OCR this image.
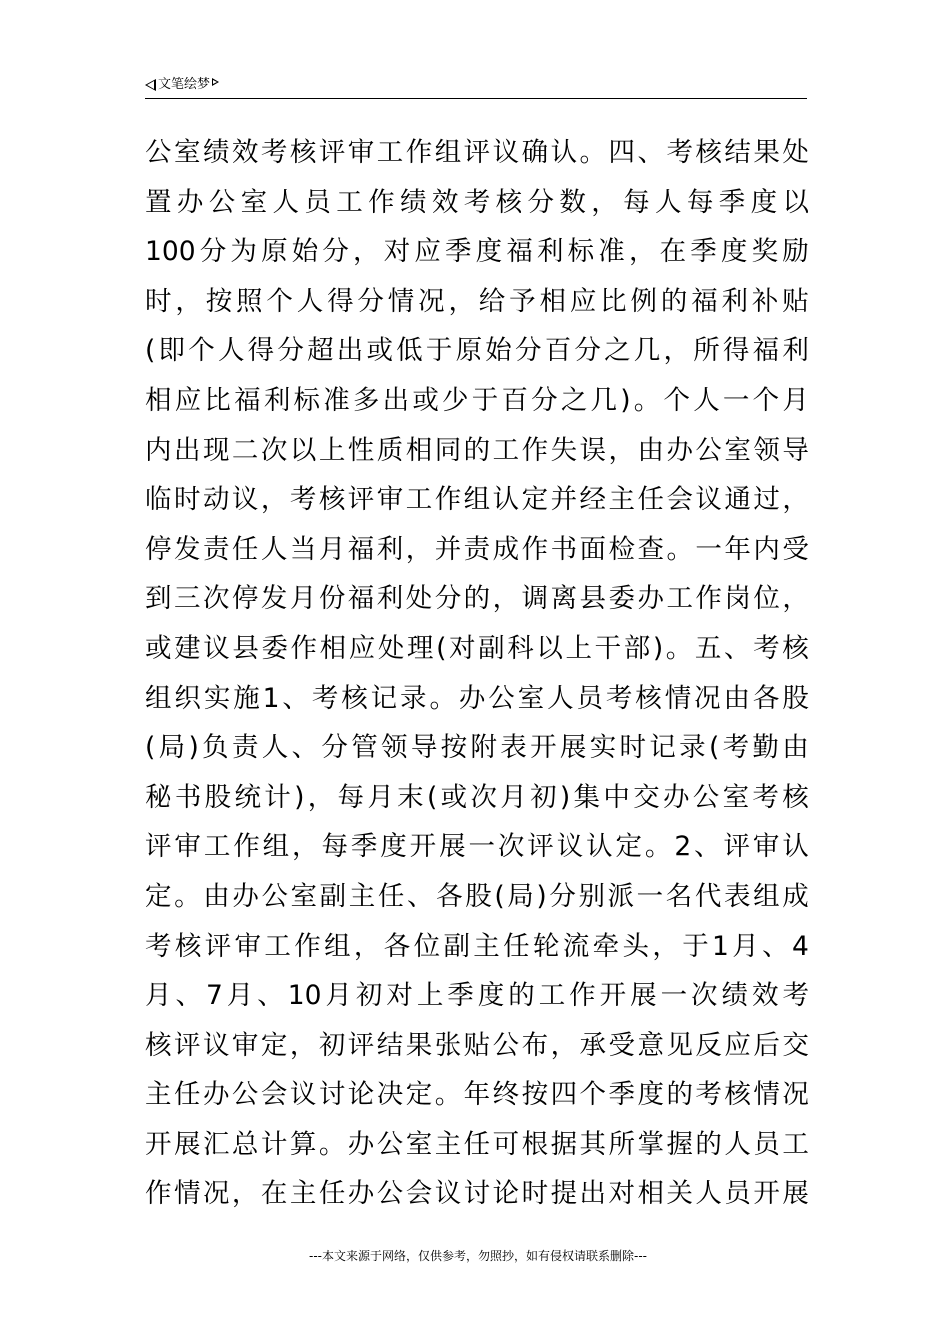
文笔绘梦
公 室 绩 效 考 核 评 审 工 作 组 评 议 确 认 。 四 、 考 核 结 果 处
置 办 公 室 人 员 工 作 绩 效 考 核 分 数 ， 每 人 每 季 度 以
100 分 为 原 始 分 ， 对 应 季 度 福 利 标 准 ， 在 季 度 奖 励
时 ， 按 照 个 人 得 分 情 况 ， 给 予 相 应 比 例 的 福 利 补 贴
( 即 个 人 得 分 超 出 或 低 于 原 始 分 百 分 之 几 ， 所 得 福 利
相 应 比 福 利 标 准 多 出 或 少 于 百 分 之 几 ) 。 个 人 一 个 月
内 出 现 二 次 以 上 性 质 相 同 的 工 作 失 误 ， 由 办 公 室 领 导
临 时 动 议 ， 考 核 评 审 工 作 组 认 定 并 经 主 任 会 议 通 过 ，
停 发 责 任 人 当 月 福 利 ， 并 责 成 作 书 面 检 查 。 一 年 内 受
到 三 次 停 发 月 份 福 利 处 分 的 ， 调 离 县 委 办 工 作 岗 位 ，
或 建 议 县 委 作 相 应 处 理 ( 对 副 科 以 上 干 部 ) 。 五 、 考 核
组 织 实 施 1 、 考 核 记 录 。 办 公 室 人 员 考 核 情 况 由 各 股
( 局 ) 负 责 人 、 分 管 领 导 按 附 表 开 展 实 时 记 录 ( 考 勤 由
秘 书 股 统 计 ) ， 每 月 末 ( 或 次 月 初 ) 集 中 交 办 公 室 考 核
评 审 工 作 组 ， 每 季 度 开 展 一 次 评 议 认 定 。 2 、 评 审 认
定 。 由 办 公 室 副 主 任 、 各 股 ( 局 ) 分 别 派 一 名 代 表 组 成
考 核 评 审 工 作 组 ， 各 位 副 主 任 轮 流 牵 头 ， 于 1 月 、 4
月 、 7 月 、 10 月 初 对 上 季 度 的 工 作 开 展 一 次 绩 效 考
核 评 议 审 定 ， 初 评 结 果 张 贴 公 布 ， 承 受 意 见 反 应 后 交
主 任 办 公 会 议 讨 论 决 定 。 年 终 按 四 个 季 度 的 考 核 情 况
开 展 汇 总 计 算 。 办 公 室 主 任 可 根 据 其 所 掌 握 的 人 员 工
作 情 况 ， 在 主 任 办 公 会 议 讨 论 时 提 出 对 相 关 人 员 开 展
---本文来源于网络，仅供参考，勿照抄，如有侵权请联系删除---
